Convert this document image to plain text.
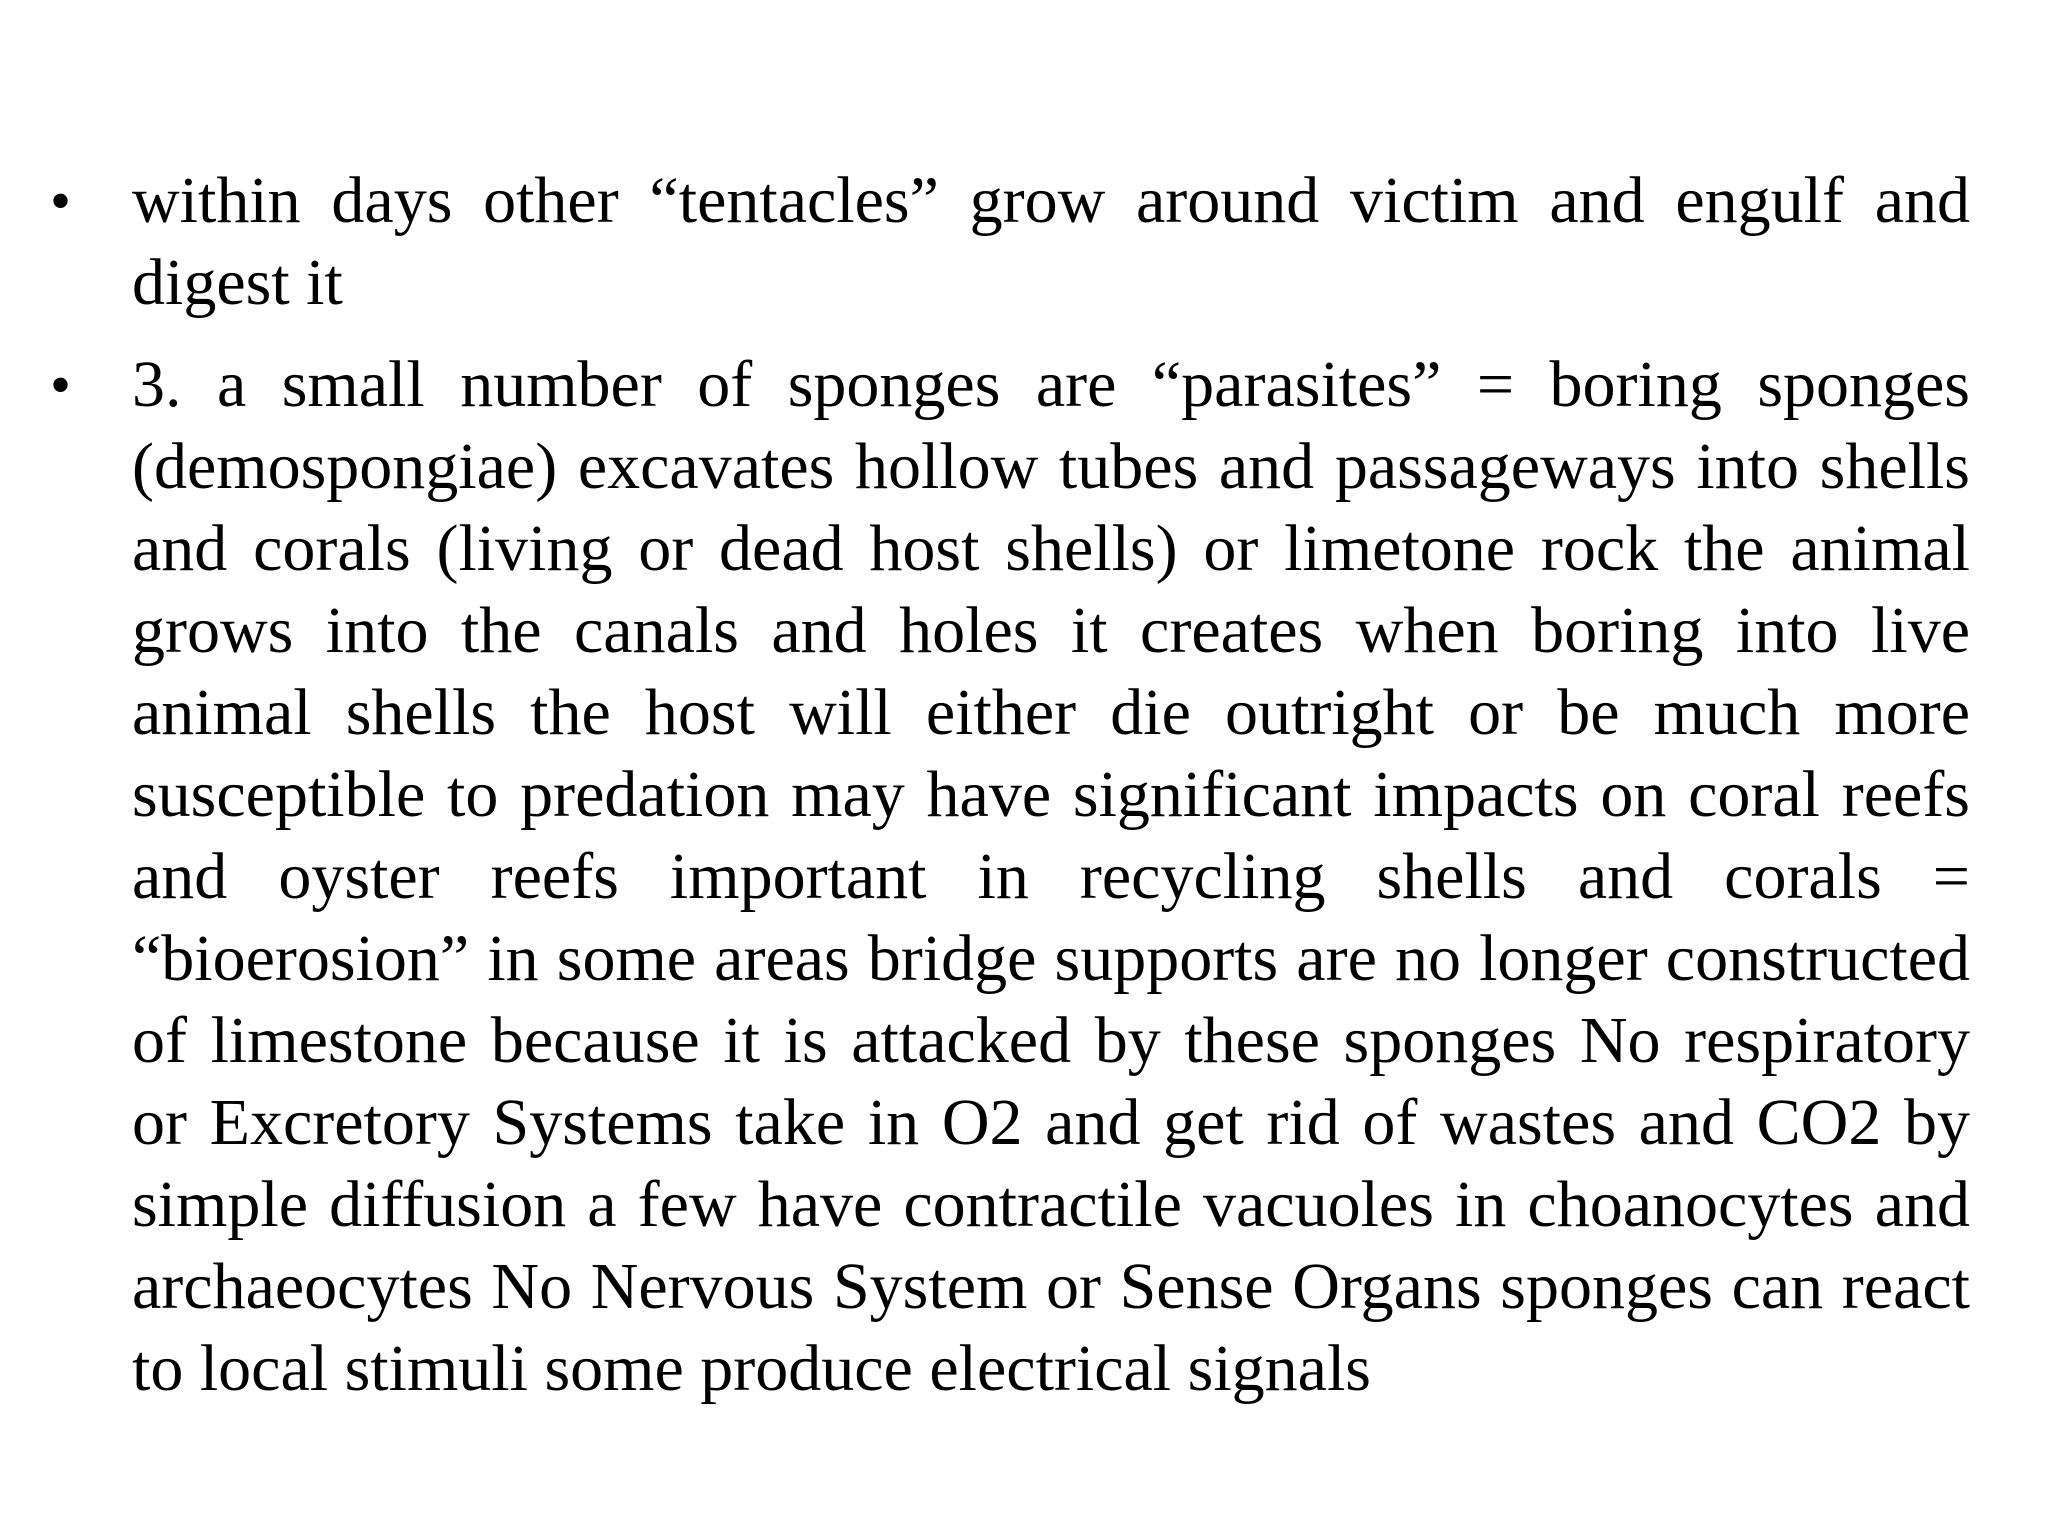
• within days other “tentacles” grow around victim and engulf and digest it
• 3. a small number of sponges are “parasites” = boring sponges (demospongiae) excavates hollow tubes and passageways into shells and corals (living or dead host shells) or limetone rock the animal grows into the canals and holes it creates when boring into live animal shells the host will either die outright or be much more susceptible to predation may have significant impacts on coral reefs and oyster reefs important in recycling shells and corals = “bioerosion” in some areas bridge supports are no longer constructed of limestone because it is attacked by these sponges No respiratory or Excretory Systems take in O2 and get rid of wastes and CO2 by simple diffusion a few have contractile vacuoles in choanocytes and archaeocytes No Nervous System or Sense Organs sponges can react to local stimuli some produce electrical signals
